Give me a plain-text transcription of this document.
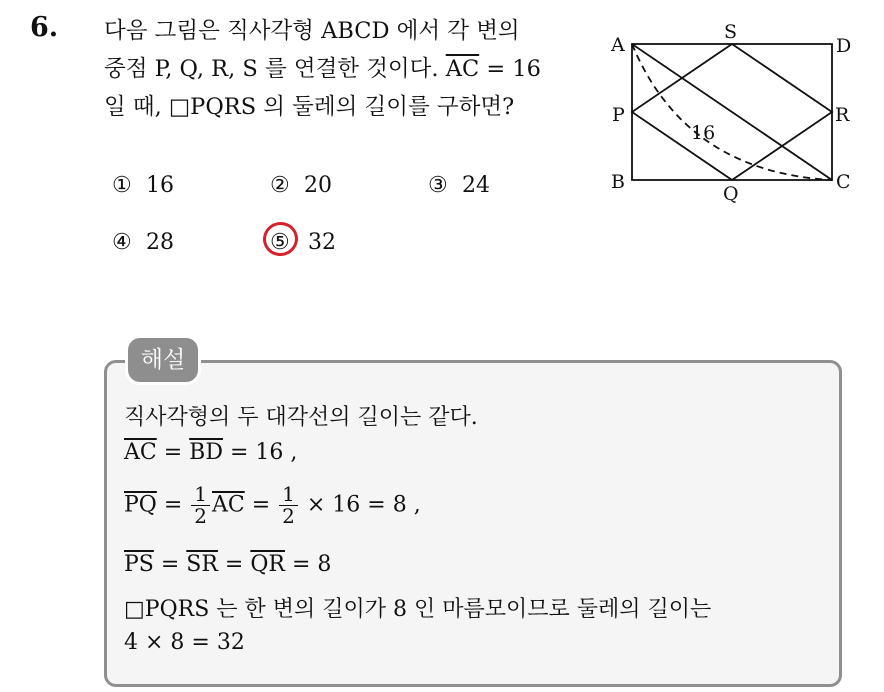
6. 다음 그림은 직사각형 ABCD 에서 각 변의
중점 P, Q, R, S 를 연결한 것이다. $\overline{AC} = 16$
일 때, □PQRS 의 둘레의 길이를 구하면?
① 16	② 20	③ 24
④ 28	⑤ 32
A
S
D
P	R
B
Q
C
16
해설
직사각형의 두 대각선의 길이는 같다.
$\overline{AC} = \overline{BD} = 16$ ,
$\overline{PQ} = \frac{1}{2} \overline{AC} = \frac{1}{2} \times 16 = 8$ ,
$\overline{PS} = \overline{SR} = \overline{QR} = 8$
□PQRS 는 한 변의 길이가 8 인 마름모이므로 둘레의 길이는
4 × 8 = 32
